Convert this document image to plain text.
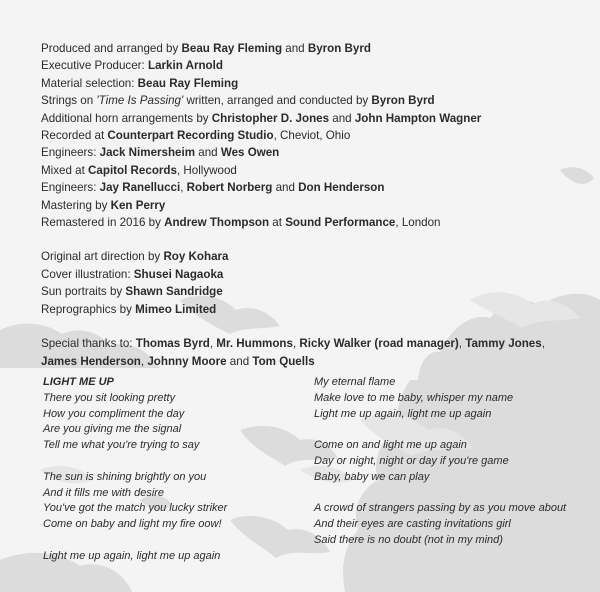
Produced and arranged by Beau Ray Fleming and Byron Byrd
Executive Producer: Larkin Arnold
Material selection: Beau Ray Fleming
Strings on 'Time Is Passing' written, arranged and conducted by Byron Byrd
Additional horn arrangements by Christopher D. Jones and John Hampton Wagner
Recorded at Counterpart Recording Studio, Cheviot, Ohio
Engineers: Jack Nimersheim and Wes Owen
Mixed at Capitol Records, Hollywood
Engineers: Jay Ranellucci, Robert Norberg and Don Henderson
Mastering by Ken Perry
Remastered in 2016 by Andrew Thompson at Sound Performance, London
Original art direction by Roy Kohara
Cover illustration: Shusei Nagaoka
Sun portraits by Shawn Sandridge
Reprographics by Mimeo Limited
Special thanks to: Thomas Byrd, Mr. Hummons, Ricky Walker (road manager), Tammy Jones, James Henderson, Johnny Moore and Tom Quells
LIGHT ME UP
There you sit looking pretty
How you compliment the day
Are you giving me the signal
Tell me what you're trying to say
The sun is shining brightly on you
And it fills me with desire
You've got the match you lucky striker
Come on baby and light my fire oow!
Light me up again, light me up again
My eternal flame
Make love to me baby, whisper my name
Light me up again, light me up again
Come on and light me up again
Day or night, night or day if you're game
Baby, baby we can play
A crowd of strangers passing by as you move about
And their eyes are casting invitations girl
Said there is no doubt (not in my mind)
